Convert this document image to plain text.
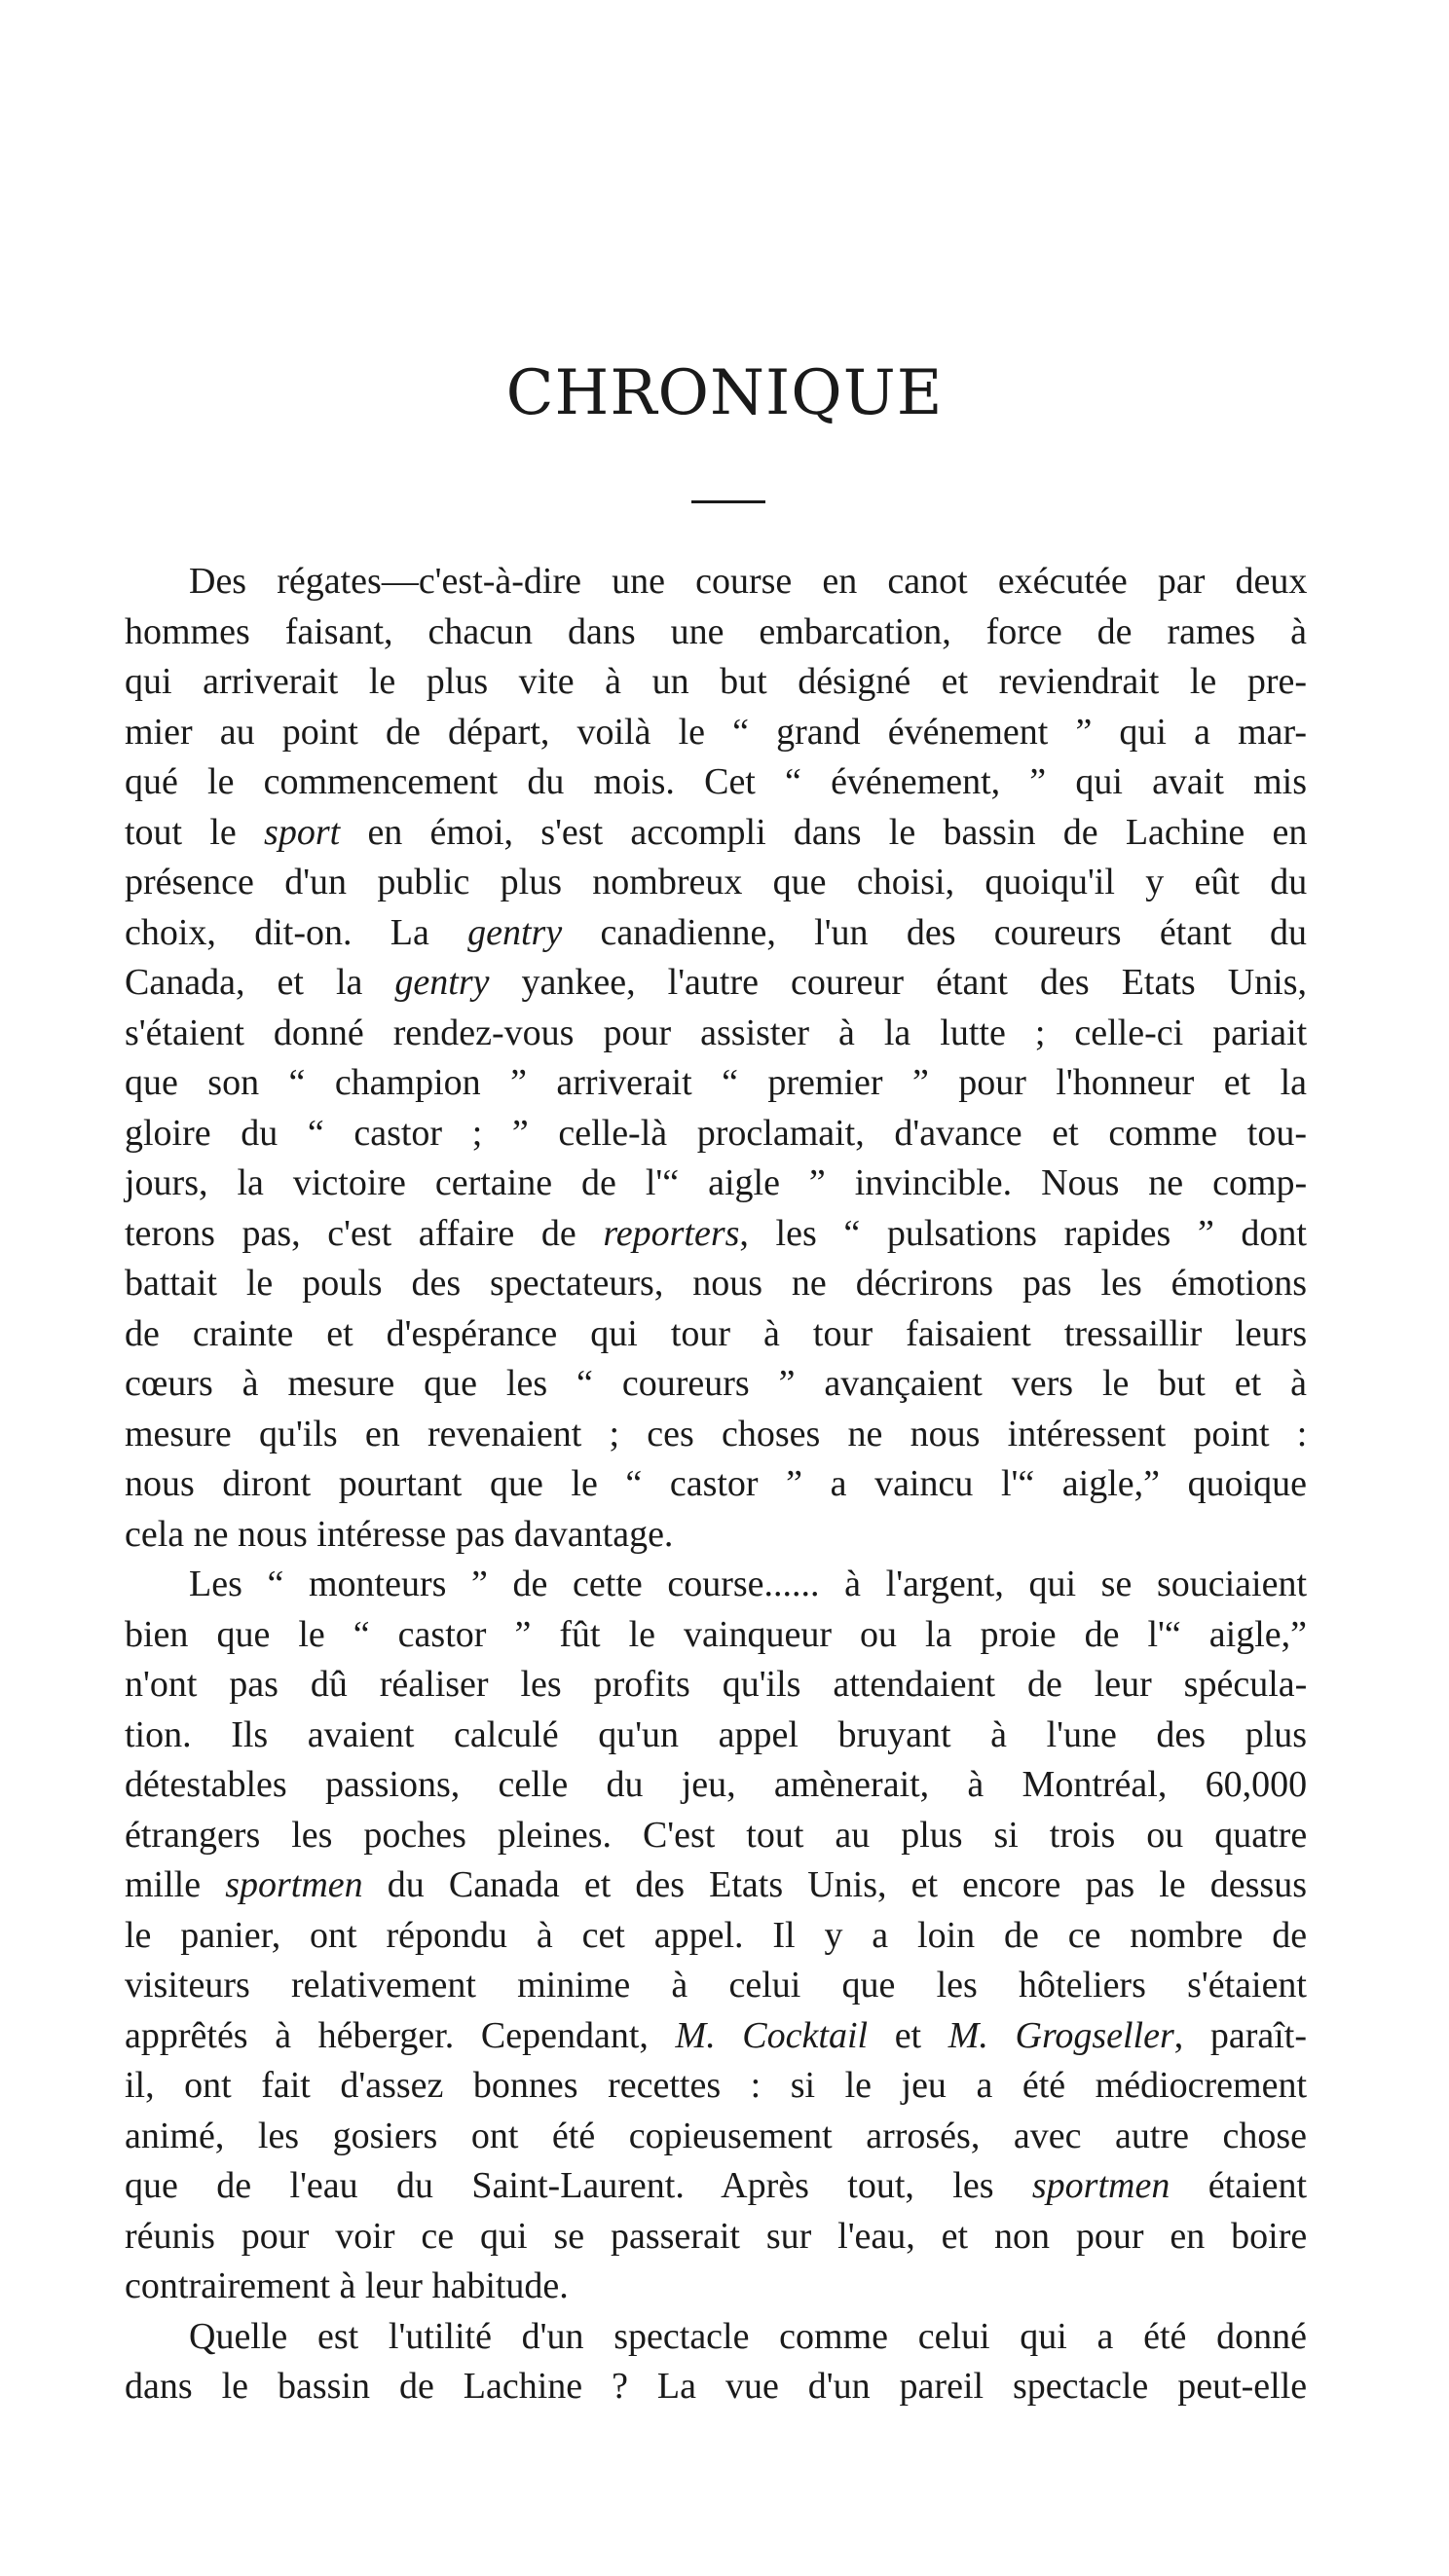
CHRONIQUE
Des régates—c'est-à-dire une course en canot exécutée par deux
hommes faisant, chacun dans une embarcation, force de rames à
qui arriverait le plus vite à un but désigné et reviendrait le pre-
mier au point de départ, voilà le “ grand événement ” qui a mar-
qué le commencement du mois. Cet “ événement, ” qui avait mis
tout le sport en émoi, s'est accompli dans le bassin de Lachine en
présence d'un public plus nombreux que choisi, quoiqu'il y eût du
choix, dit-on. La gentry canadienne, l'un des coureurs étant du
Canada, et la gentry yankee, l'autre coureur étant des Etats Unis,
s'étaient donné rendez-vous pour assister à la lutte ; celle-ci pariait
que son “ champion ” arriverait “ premier ” pour l'honneur et la
gloire du “ castor ; ” celle-là proclamait, d'avance et comme tou-
jours, la victoire certaine de l'“ aigle ” invincible. Nous ne comp-
terons pas, c'est affaire de reporters, les “ pulsations rapides ” dont
battait le pouls des spectateurs, nous ne décrirons pas les émotions
de crainte et d'espérance qui tour à tour faisaient tressaillir leurs
cœurs à mesure que les “ coureurs ” avançaient vers le but et à
mesure qu'ils en revenaient ; ces choses ne nous intéressent point :
nous diront pourtant que le “ castor ” a vaincu l'“ aigle,” quoique
cela ne nous intéresse pas davantage.
Les “ monteurs ” de cette course...... à l'argent, qui se souciaient
bien que le “ castor ” fût le vainqueur ou la proie de l'“ aigle,”
n'ont pas dû réaliser les profits qu'ils attendaient de leur spécula-
tion. Ils avaient calculé qu'un appel bruyant à l'une des plus
détestables passions, celle du jeu, amènerait, à Montréal, 60,000
étrangers les poches pleines. C'est tout au plus si trois ou quatre
mille sportmen du Canada et des Etats Unis, et encore pas le dessus
le panier, ont répondu à cet appel. Il y a loin de ce nombre de
visiteurs relativement minime à celui que les hôteliers s'étaient
apprêtés à héberger. Cependant, M. Cocktail et M. Grogseller, paraît-
il, ont fait d'assez bonnes recettes : si le jeu a été médiocrement
animé, les gosiers ont été copieusement arrosés, avec autre chose
que de l'eau du Saint-Laurent. Après tout, les sportmen étaient
réunis pour voir ce qui se passerait sur l'eau, et non pour en boire
contrairement à leur habitude.
Quelle est l'utilité d'un spectacle comme celui qui a été donné
dans le bassin de Lachine ? La vue d'un pareil spectacle peut-elle
